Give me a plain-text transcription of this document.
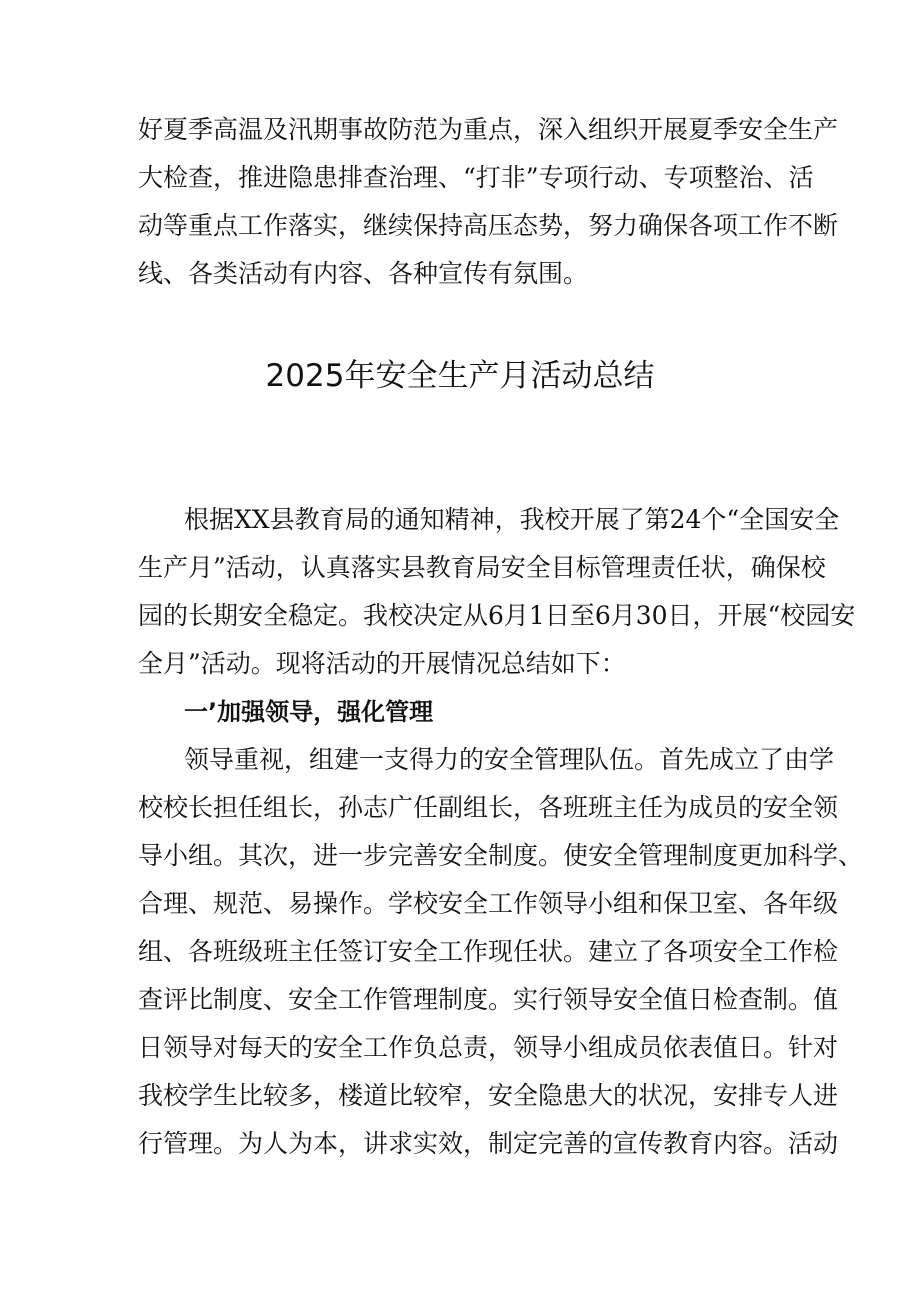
好夏季高温及汛期事故防范为重点，深入组织开展夏季安全生产
大检查，推进隐患排查治理、“打非”专项行动、专项整治、活
动等重点工作落实，继续保持高压态势，努力确保各项工作不断
线、各类活动有内容、各种宣传有氛围。
2025年安全生产月活动总结
根据XX县教育局的通知精神，我校开展了第24个“全国安全
生产月”活动，认真落实县教育局安全目标管理责任状，确保校
园的长期安全稳定。我校决定从6月1日至6月30日，开展“校园安
全月”活动。现将活动的开展情况总结如下：
一’加强领导，强化管理
领导重视，组建一支得力的安全管理队伍。首先成立了由学
校校长担任组长，孙志广任副组长，各班班主任为成员的安全领
导小组。其次，进一步完善安全制度。使安全管理制度更加科学、
合理、规范、易操作。学校安全工作领导小组和保卫室、各年级
组、各班级班主任签订安全工作现任状。建立了各项安全工作检
查评比制度、安全工作管理制度。实行领导安全值日检查制。值
日领导对每天的安全工作负总责，领导小组成员依表值日。针对
我校学生比较多，楼道比较窄，安全隐患大的状况，安排专人进
行管理。为人为本，讲求实效，制定完善的宣传教育内容。活动
